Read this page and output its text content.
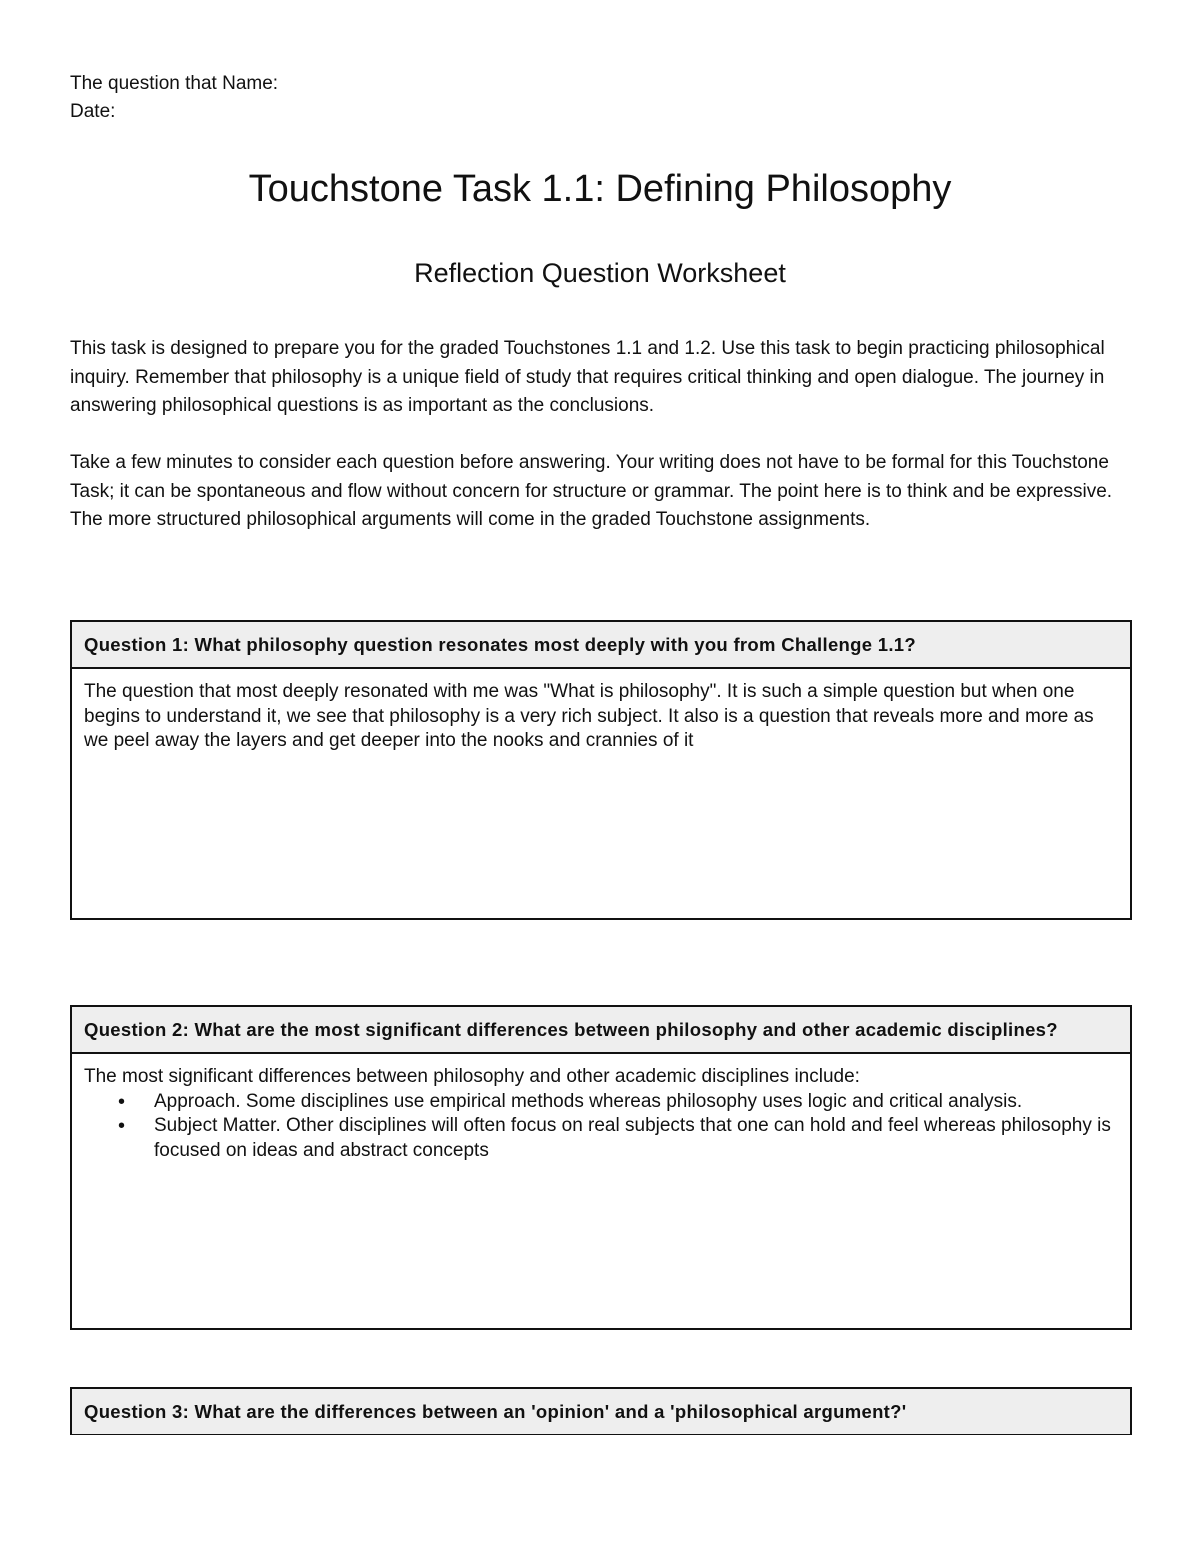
The question that Name:
Date:
Touchstone Task 1.1: Defining Philosophy
Reflection Question Worksheet
This task is designed to prepare you for the graded Touchstones 1.1 and 1.2. Use this task to begin practicing philosophical inquiry. Remember that philosophy is a unique field of study that requires critical thinking and open dialogue. The journey in answering philosophical questions is as important as the conclusions.
Take a few minutes to consider each question before answering. Your writing does not have to be formal for this Touchstone Task; it can be spontaneous and flow without concern for structure or grammar. The point here is to think and be expressive. The more structured philosophical arguments will come in the graded Touchstone assignments.
Question 1: What philosophy question resonates most deeply with you from Challenge 1.1?
The question that most deeply resonated with me was "What is philosophy". It is such a simple question but when one begins to understand it, we see that philosophy is a very rich subject. It also is a question that reveals more and more as we peel away the layers and get deeper into the nooks and crannies of it
Question 2: What are the most significant differences between philosophy and other academic disciplines?
The most significant differences between philosophy and other academic disciplines include:
• Approach. Some disciplines use empirical methods whereas philosophy uses logic and critical analysis.
• Subject Matter. Other disciplines will often focus on real subjects that one can hold and feel whereas philosophy is focused on ideas and abstract concepts
Question 3: What are the differences between an 'opinion' and a 'philosophical argument?'
